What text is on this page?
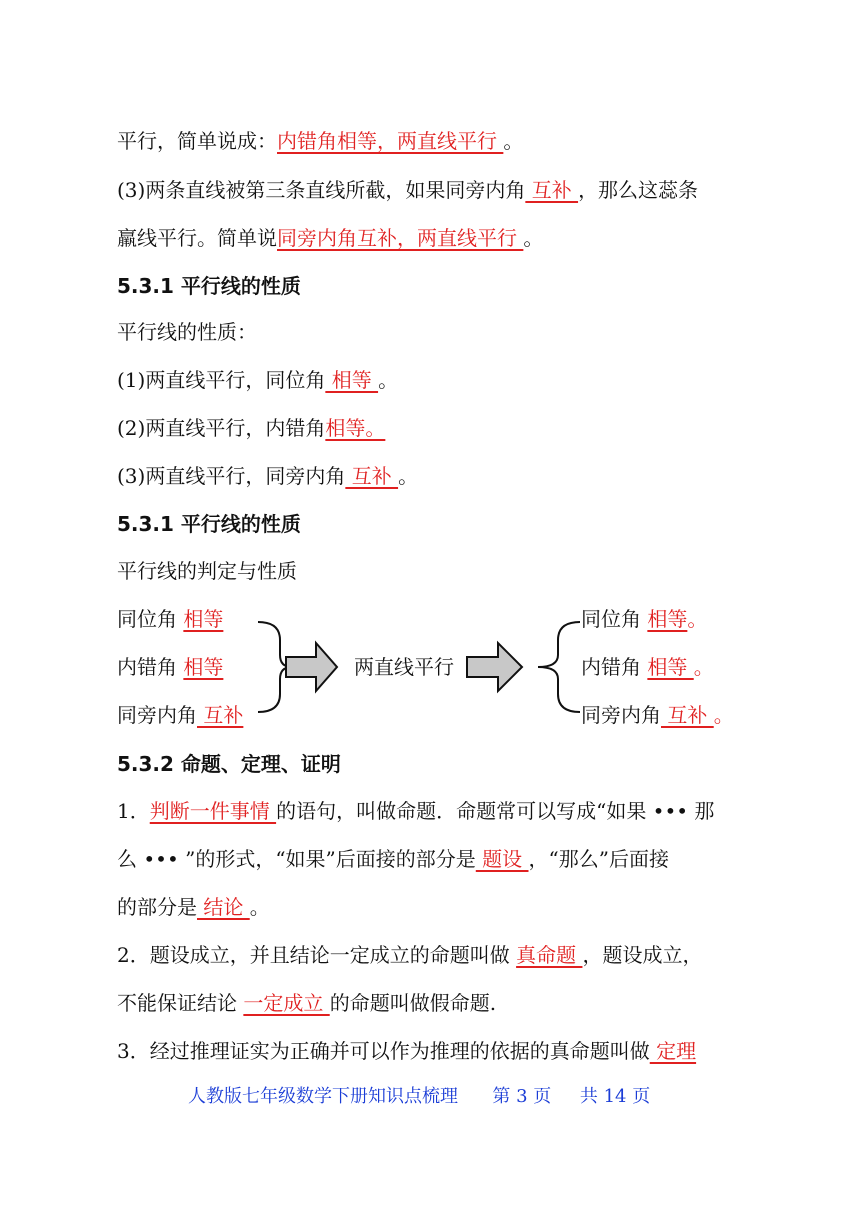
平行，简单说成：内错角相等，两直线平行 。
(3)两条直线被第三条直线所截，如果同旁内角 互补 ，那么这蕊条
羸线平行。简单说同旁内角互补，两直线平行 。
5.3.1 平行线的性质
平行线的性质：
(1)两直线平行，同位角 相等 。
(2)两直线平行，内错角相等。
(3)两直线平行，同旁内角 互补 。
5.3.1 平行线的性质
平行线的判定与性质
同位角 相等
内错角 相等
同旁内角 互补
两直线平行
同位角 相等。
内错角 相等 。
同旁内角 互补 。
5.3.2 命题、定理、证明
1．判断一件事情 的语句，叫做命题．命题常可以写成“如果 ••• 那
么 ••• ”的形式，“如果”后面接的部分是 题设 ，“那么”后面接
的部分是 结论 。
2．题设成立，并且结论一定成立的命题叫做 真命题 ，题设成立，
不能保证结论 一定成立 的命题叫做假命题.
3．经过推理证实为正确并可以作为推理的依据的真命题叫做 定理
人教版七年级数学下册知识点梳理 第 3 页 共 14 页
